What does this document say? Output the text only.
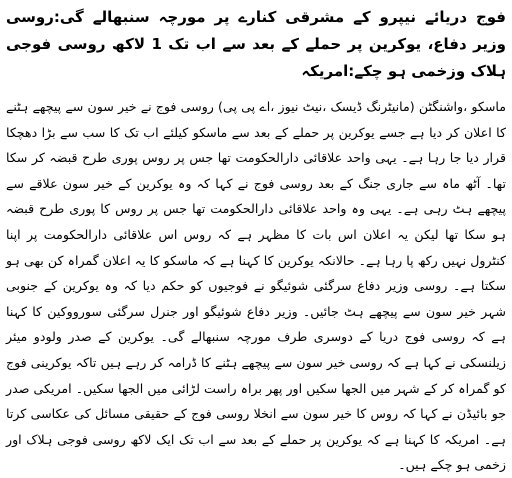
فوج دریائے نیپرو کے مشرقی کنارے پر مورچہ سنبھالے گی:روسی وزیر دفاع، یوکرین پر حملے کے بعد سے اب تک 1 لاکھ روسی فوجی ہلاک وزخمی ہو چکے:امریکہ

ماسکو ،واشنگٹن (مانیٹرنگ ڈیسک ،نیٹ نیوز ،اے پی پی) روسی فوج نے خیر سون سے پیچھے ہٹنے کا اعلان کر دیا ہے جسے یوکرین پر حملے کے بعد سے ماسکو کیلئے اب تک کا سب سے بڑا دھچکا قرار دیا جا رہا ہے۔ یہی واحد علاقائی دارالحکومت تھا جس پر روس پوری طرح قبضہ کر سکا تھا۔ آٹھ ماہ سے جاری جنگ کے بعد روسی فوج نے کہا کہ وہ یوکرین کے خیر سون علاقے سے پیچھے ہٹ رہی ہے۔ یہی وہ واحد علاقائی دارالحکومت تھا جس پر روس کا پوری طرح قبضہ ہو سکا تھا لیکن یہ اعلان اس بات کا مظہر ہے کہ روس اس علاقائی دارالحکومت پر اپنا کنٹرول نہیں رکھ پا رہا ہے۔ حالانکہ یوکرین کا کہنا ہے کہ ماسکو کا یہ اعلان گمراہ کن بھی ہو سکتا ہے۔ روسی وزیر دفاع سرگئی شوئیگو نے فوجیوں کو حکم دیا کہ وہ یوکرین کے جنوبی شہر خیر سون سے پیچھے ہٹ جائیں۔ وزیر دفاع شوئیگو اور جنرل سرگئی سورووکین کا کہنا ہے کہ روسی فوج دریا کے دوسری طرف مورچہ سنبھالے گی۔ یوکرین کے صدر ولودو میئر زیلنسکی نے کہا ہے کہ روسی خیر سون سے پیچھے ہٹنے کا ڈرامہ کر رہے ہیں تاکہ یوکرینی فوج کو گمراہ کر کے شہر میں الجھا سکیں اور پھر براہ راست لڑائی میں الجھا سکیں۔ امریکی صدر جو بائیڈن نے کہا کہ روس کا خیر سون سے انخلا روسی فوج کے حقیقی مسائل کی عکاسی کرتا ہے۔ امریکہ کا کہنا ہے کہ یوکرین پر حملے کے بعد سے اب تک ایک لاکھ روسی فوجی ہلاک اور زخمی ہو چکے ہیں۔
